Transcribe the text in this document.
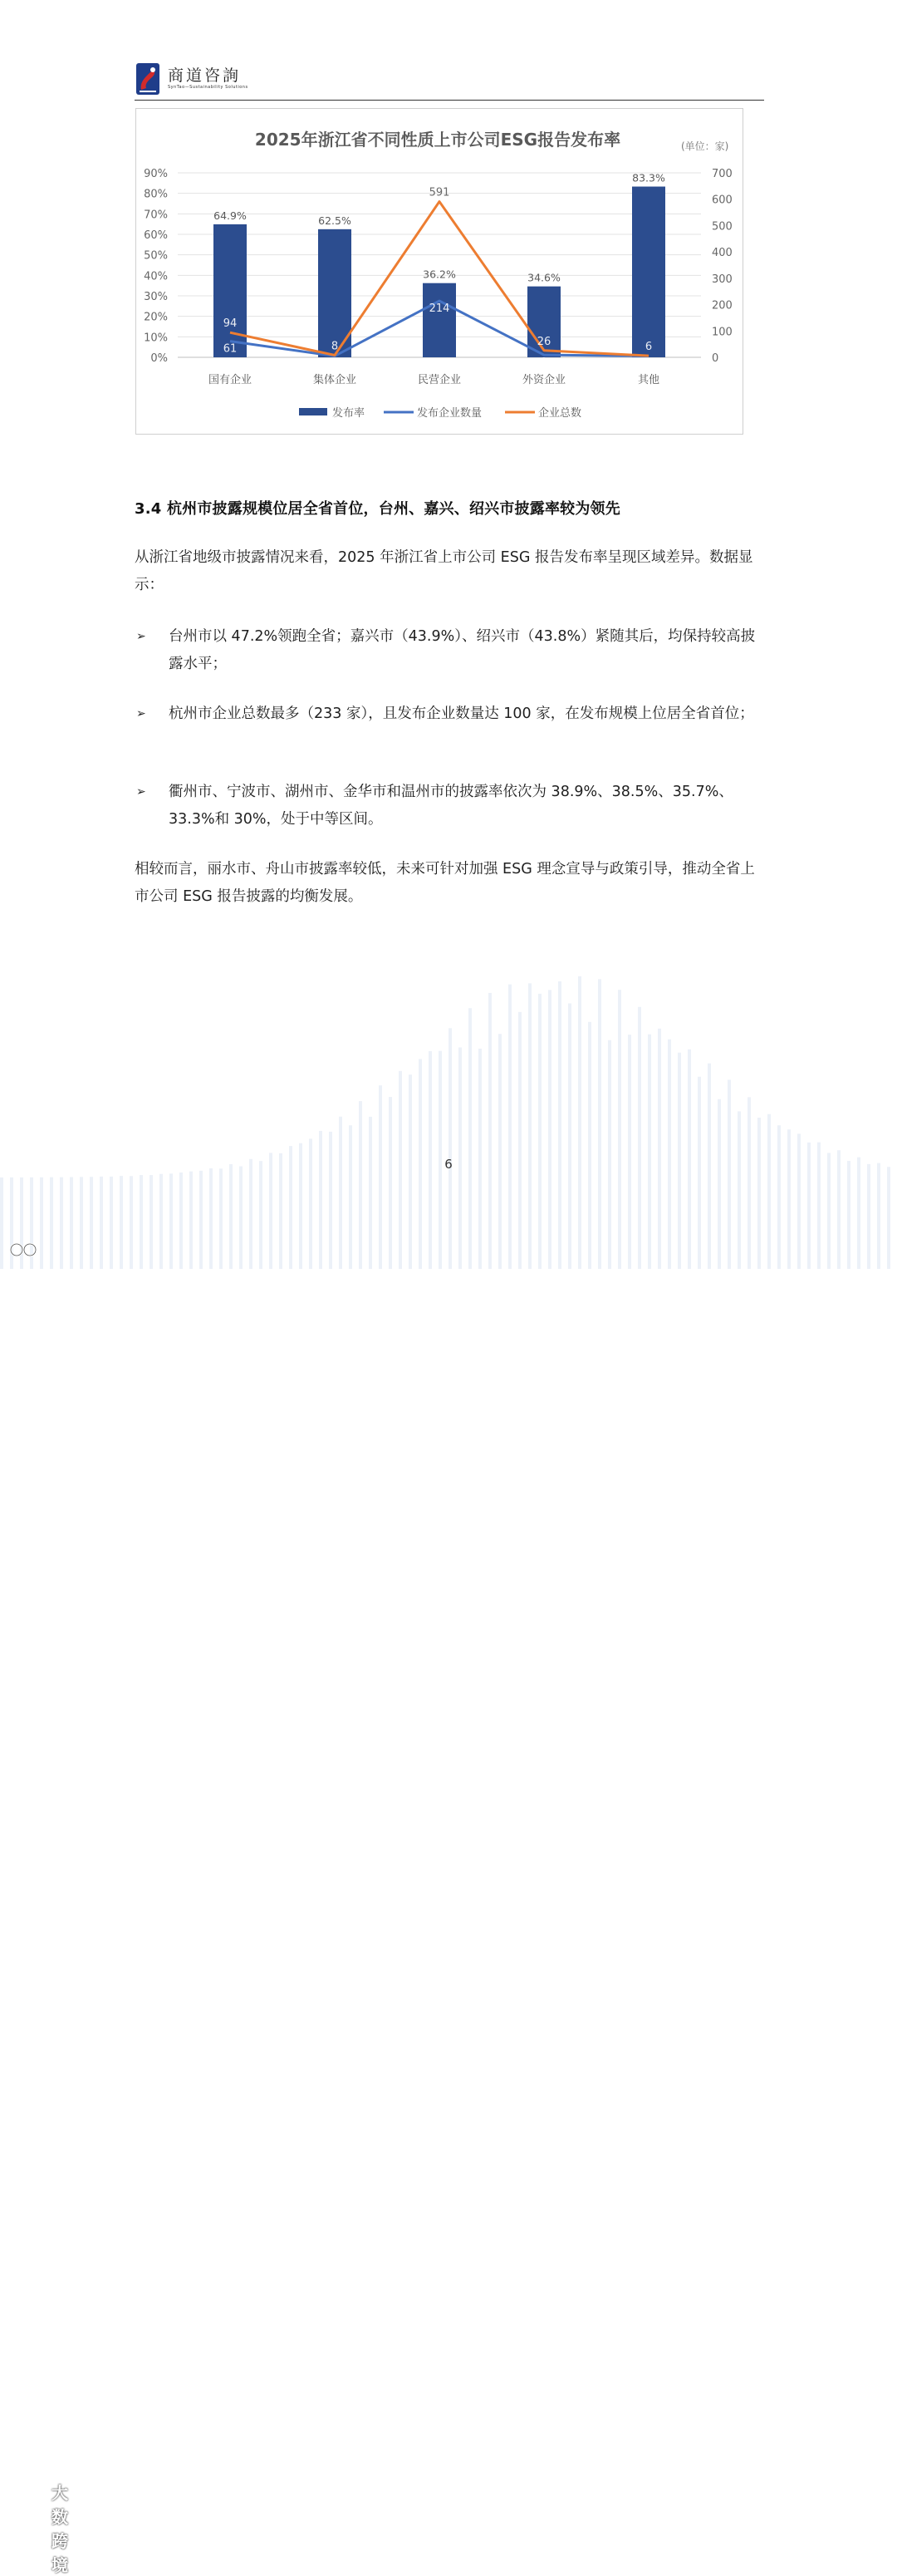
商道咨詢
SynTao—Sustainability Solutions
2025年浙江省不同性质上市公司ESG报告发布率	(单位：家)
64.9%	62.5%
36.2%	34.6%
83.3%
61
5
214
9	5
94
8
591
26	6
0%
10%
20%
30%
40%
50%
60%
70%
80%
90%
0
100
200
300
400
500
600
700
国有企业	集体企业	民营企业	外资企业	其他
发布率	发布企业数量	企业总数
3.4 杭州市披露规模位居全省首位，台州、嘉兴、绍兴市披露率较为领先
从浙江省地级市披露情况来看，2025 年浙江省上市公司 ESG 报告发布率呈现区域差异。数据显示：
➢ 台州市以 47.2%领跑全省；嘉兴市（43.9%）、绍兴市（43.8%）紧随其后，均保持较高披露水平；
➢ 杭州市企业总数最多（233 家），且发布企业数量达 100 家，在发布规模上位居全省首位；
➢ 衢州市、宁波市、湖州市、金华市和温州市的披露率依次为 38.9%、38.5%、35.7%、33.3%和 30%，处于中等区间。
相较而言，丽水市、舟山市披露率较低，未来可针对加强 ESG 理念宣导与政策引导，推动全省上市公司 ESG 报告披露的均衡发展。
6
大数跨境
